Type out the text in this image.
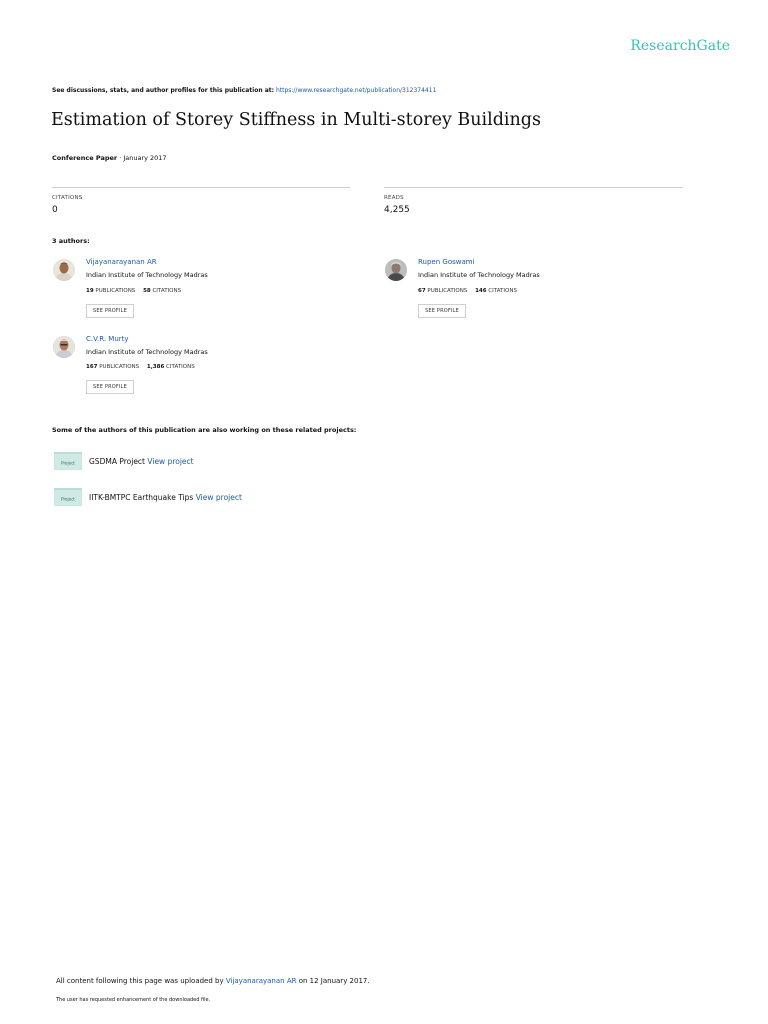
ResearchGate
See discussions, stats, and author profiles for this publication at: https://www.researchgate.net/publication/312374411
Estimation of Storey Stiffness in Multi-storey Buildings
Conference Paper · January 2017
CITATIONS
0
READS
4,255
3 authors:
Vijayanarayanan AR
Indian Institute of Technology Madras
19 PUBLICATIONS 58 CITATIONS
SEE PROFILE
Rupen Goswami
Indian Institute of Technology Madras
67 PUBLICATIONS 146 CITATIONS
SEE PROFILE
C.V.R. Murty
Indian Institute of Technology Madras
167 PUBLICATIONS 1,386 CITATIONS
SEE PROFILE
Some of the authors of this publication are also working on these related projects:
Project GSDMA Project View project
Project IITK-BMTPC Earthquake Tips View project
All content following this page was uploaded by Vijayanarayanan AR on 12 January 2017.
The user has requested enhancement of the downloaded file.
